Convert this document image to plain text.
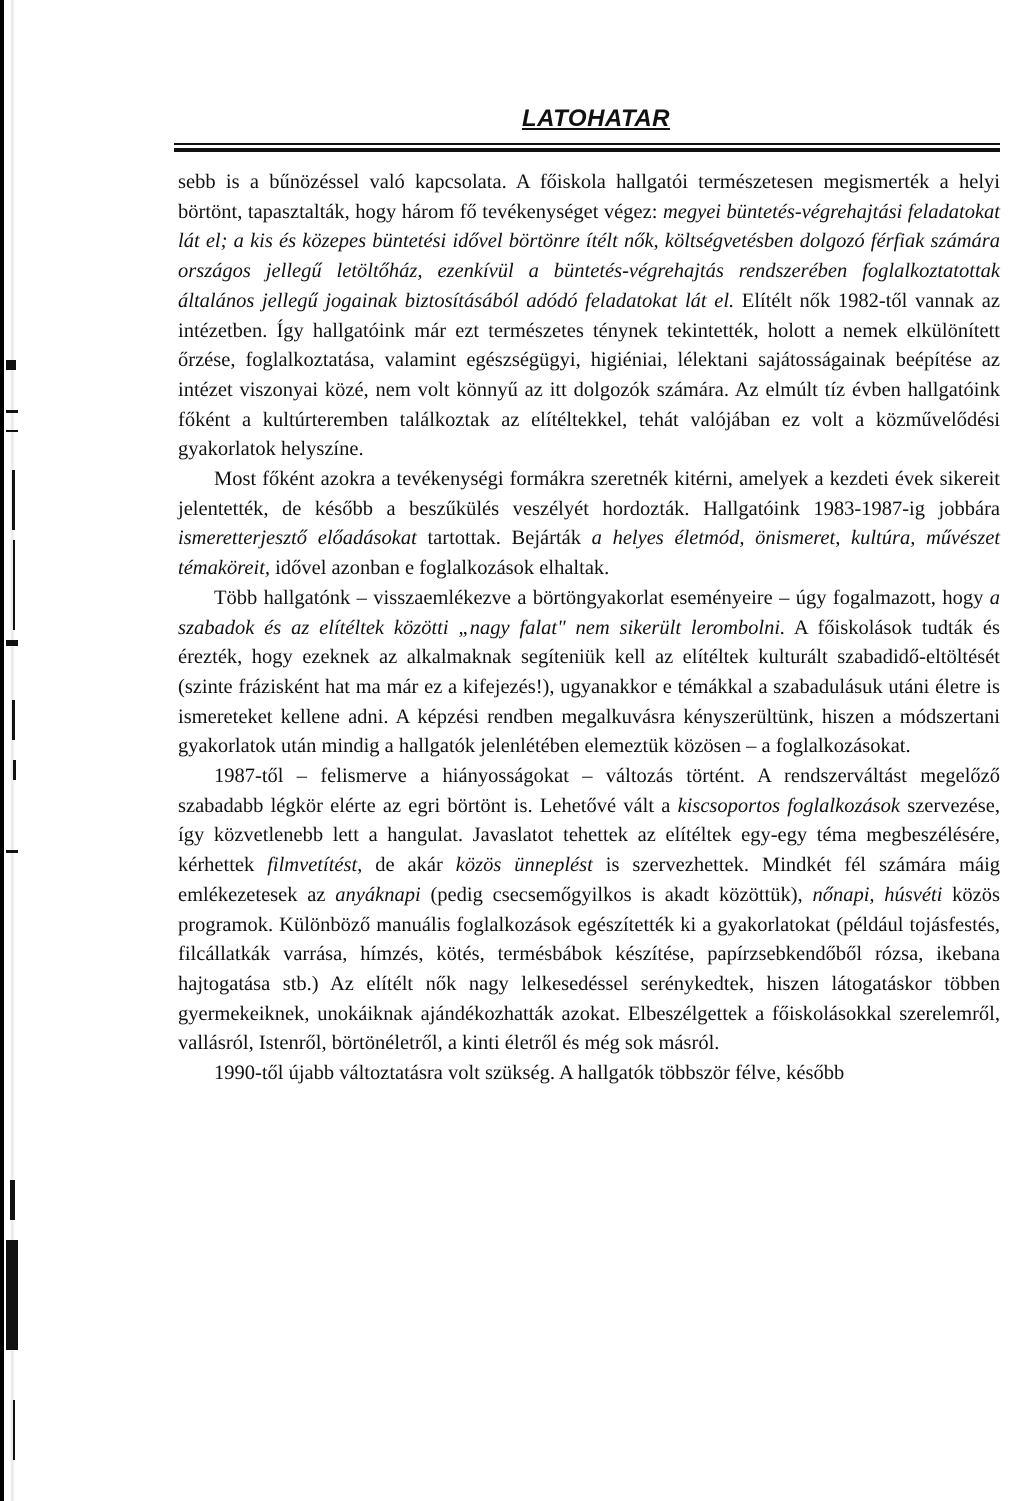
LATOHATAR

sebb is a bűnözéssel való kapcsolata. A főiskola hallgatói természetesen megismerték a helyi börtönt, tapasztalták, hogy három fő tevékenységet végez: megyei büntetés-végrehajtási feladatokat lát el; a kis és közepes büntetési idővel börtönre ítélt nők, költségvetésben dolgozó férfiak számára országos jellegű letöltőház, ezenkívül a büntetés-végrehajtás rendszerében foglalkoztatottak általános jellegű jogainak biztosításából adódó feladatokat lát el. Elítélt nők 1982-től vannak az intézetben. Így hallgatóink már ezt természetes ténynek tekintették, holott a nemek elkülönített őrzése, foglalkoztatása, valamint egészségügyi, higiéniai, lélektani sajátosságainak beépítése az intézet viszonyai közé, nem volt könnyű az itt dolgozók számára. Az elmúlt tíz évben hallgatóink főként a kultúrteremben találkoztak az elítéltekkel, tehát valójában ez volt a közművelődési gyakorlatok helyszíne.

Most főként azokra a tevékenységi formákra szeretnék kitérni, amelyek a kezdeti évek sikereit jelentették, de később a beszűkülés veszélyét hordozták. Hallgatóink 1983-1987-ig jobbára ismeretterjesztő előadásokat tartottak. Bejárták a helyes életmód, önismeret, kultúra, művészet témaköreit, idővel azonban e foglalkozások elhaltak.

Több hallgatónk – visszaemlékezve a börtöngyakorlat eseményeire – úgy fogalmazott, hogy a szabadok és az elítéltek közötti „nagy falat" nem sikerült lerombolni. A főiskolások tudták és érezték, hogy ezeknek az alkalmaknak segíteniük kell az elítéltek kulturált szabadidő-eltöltését (szinte frázisként hat ma már ez a kifejezés!), ugyanakkor e témákkal a szabadulásuk utáni életre is ismereteket kellene adni. A képzési rendben megalkuvásra kényszerültünk, hiszen a módszertani gyakorlatok után mindig a hallgatók jelenlétében elemeztük közösen – a foglalkozásokat.

1987-től – felismerve a hiányosságokat – változás történt. A rendszerváltást megelőző szabadabb légkör elérte az egri börtönt is. Lehetővé vált a kiscsoportos foglalkozások szervezése, így közvetlenebb lett a hangulat. Javaslatot tehettek az elítéltek egy-egy téma megbeszélésére, kérhettek filmvetítést, de akár közös ünneplést is szervezhettek. Mindkét fél számára máig emlékezetesek az anyáknapi (pedig csecsemőgyilkos is akadt közöttük), nőnapi, húsvéti közös programok. Különböző manuális foglalkozások egészítették ki a gyakorlatokat (például tojásfestés, filcállatkák varrása, hímzés, kötés, termésbábok készítése, papírzsebkendőből rózsa, ikebana hajtogatása stb.) Az elítélt nők nagy lelkesedéssel serénykedtek, hiszen látogatáskor többen gyermekeiknek, unokáiknak ajándékozhatták azokat. Elbeszélgettek a főiskolásokkal szerelemről, vallásról, Istenről, börtönéletről, a kinti életről és még sok másról.

1990-től újabb változtatásra volt szükség. A hallgatók többször félve, később
